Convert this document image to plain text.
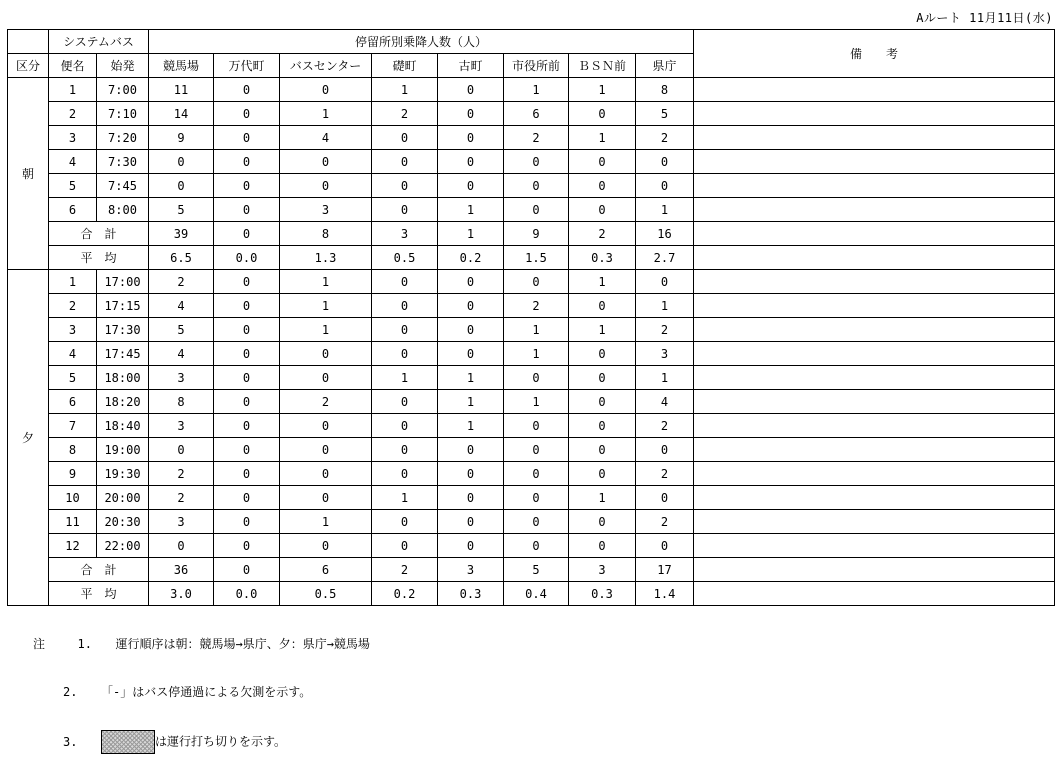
Aルート 11月11日(水)
	システムバス		停留所別乗降人数（人）								備　　考
区分	便名	始発	競馬場	万代町	バスセンター	礎町	古町	市役所前	ＢＳＮ前	県庁	
朝	1	7:00	11	0	0	1	0	1	1	8	
	2	7:10	14	0	1	2	0	6	0	5	
	3	7:20	9	0	4	0	0	2	1	2	
	4	7:30	0	0	0	0	0	0	0	0	
	5	7:45	0	0	0	0	0	0	0	0	
	6	8:00	5	0	3	0	1	0	0	1	
	合　計		39	0	8	3	1	9	2	16	
	平　均		6.5	0.0	1.3	0.5	0.2	1.5	0.3	2.7	
夕	1	17:00	2	0	1	0	0	0	1	0	
	2	17:15	4	0	1	0	0	2	0	1	
	3	17:30	5	0	1	0	0	1	1	2	
	4	17:45	4	0	0	0	0	1	0	3	
	5	18:00	3	0	0	1	1	0	0	1	
	6	18:20	8	0	2	0	1	1	0	4	
	7	18:40	3	0	0	0	1	0	0	2	
	8	19:00	0	0	0	0	0	0	0	0	
	9	19:30	2	0	0	0	0	0	0	2	
	10	20:00	2	0	0	1	0	0	1	0	
	11	20:30	3	0	1	0	0	0	0	2	
	12	22:00	0	0	0	0	0	0	0	0	
	合　計		36	0	6	2	3	5	3	17	
	平　均		3.0	0.0	0.5	0.2	0.3	0.4	0.3	1.4	
注	1. 運行順序は朝：競馬場→県庁、夕：県庁→競馬場
2. 「-」はバス停通過による欠測を示す。
3.	は運行打ち切りを示す。
